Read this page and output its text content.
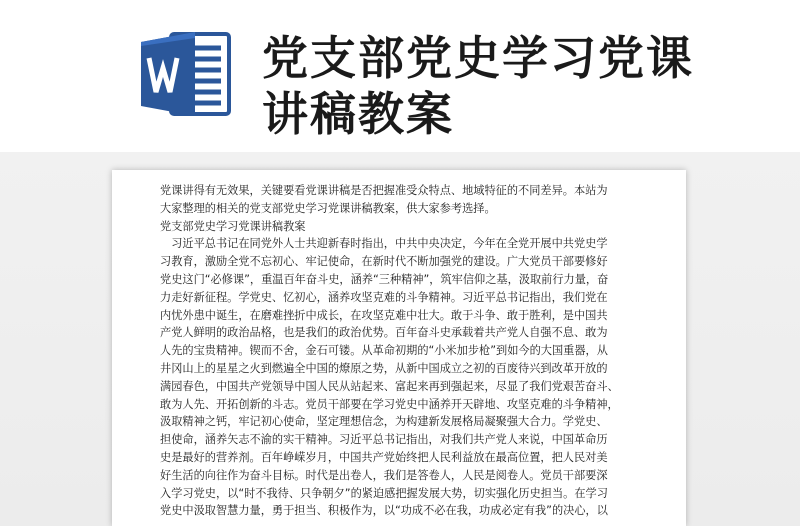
党支部党史学习党课
讲稿教案
党课讲得有无效果，关键要看党课讲稿是否把握准受众特点、地域特征的不同差异。本站为
大家整理的相关的党支部党史学习党课讲稿教案，供大家参考选择。
党支部党史学习党课讲稿教案
　习近平总书记在同党外人士共迎新春时指出，中共中央决定，今年在全党开展中共党史学
习教育，激励全党不忘初心、牢记使命，在新时代不断加强党的建设。广大党员干部要修好
党史这门“必修课”，重温百年奋斗史，涵养“三种精神”，筑牢信仰之基，汲取前行力量，奋
力走好新征程。学党史、忆初心，涵养攻坚克难的斗争精神。习近平总书记指出，我们党在
内忧外患中诞生，在磨难挫折中成长，在攻坚克难中壮大。敢于斗争、敢于胜利，是中国共
产党人鲜明的政治品格，也是我们的政治优势。百年奋斗史承载着共产党人自强不息、敢为
人先的宝贵精神。锲而不舍，金石可镂。从革命初期的“小米加步枪”到如今的大国重器，从
井冈山上的星星之火到燃遍全中国的燎原之势，从新中国成立之初的百废待兴到改革开放的
满园春色，中国共产党领导中国人民从站起来、富起来再到强起来，尽显了我们党艰苦奋斗、
敢为人先、开拓创新的斗志。党员干部要在学习党史中涵养开天辟地、攻坚克难的斗争精神，
汲取精神之钙，牢记初心使命，坚定理想信念，为构建新发展格局凝聚强大合力。学党史、
担使命，涵养矢志不渝的实干精神。习近平总书记指出，对我们共产党人来说，中国革命历
史是最好的营养剂。百年峥嵘岁月，中国共产党始终把人民利益放在最高位置，把人民对美
好生活的向往作为奋斗目标。时代是出卷人，我们是答卷人，人民是阅卷人。党员干部要深
入学习党史，以“时不我待、只争朝夕”的紧迫感把握发展大势，切实强化历史担当。在学习
党史中汲取智慧力量，勇于担当、积极作为，以“功成不必在我，功成必定有我”的决心，以
